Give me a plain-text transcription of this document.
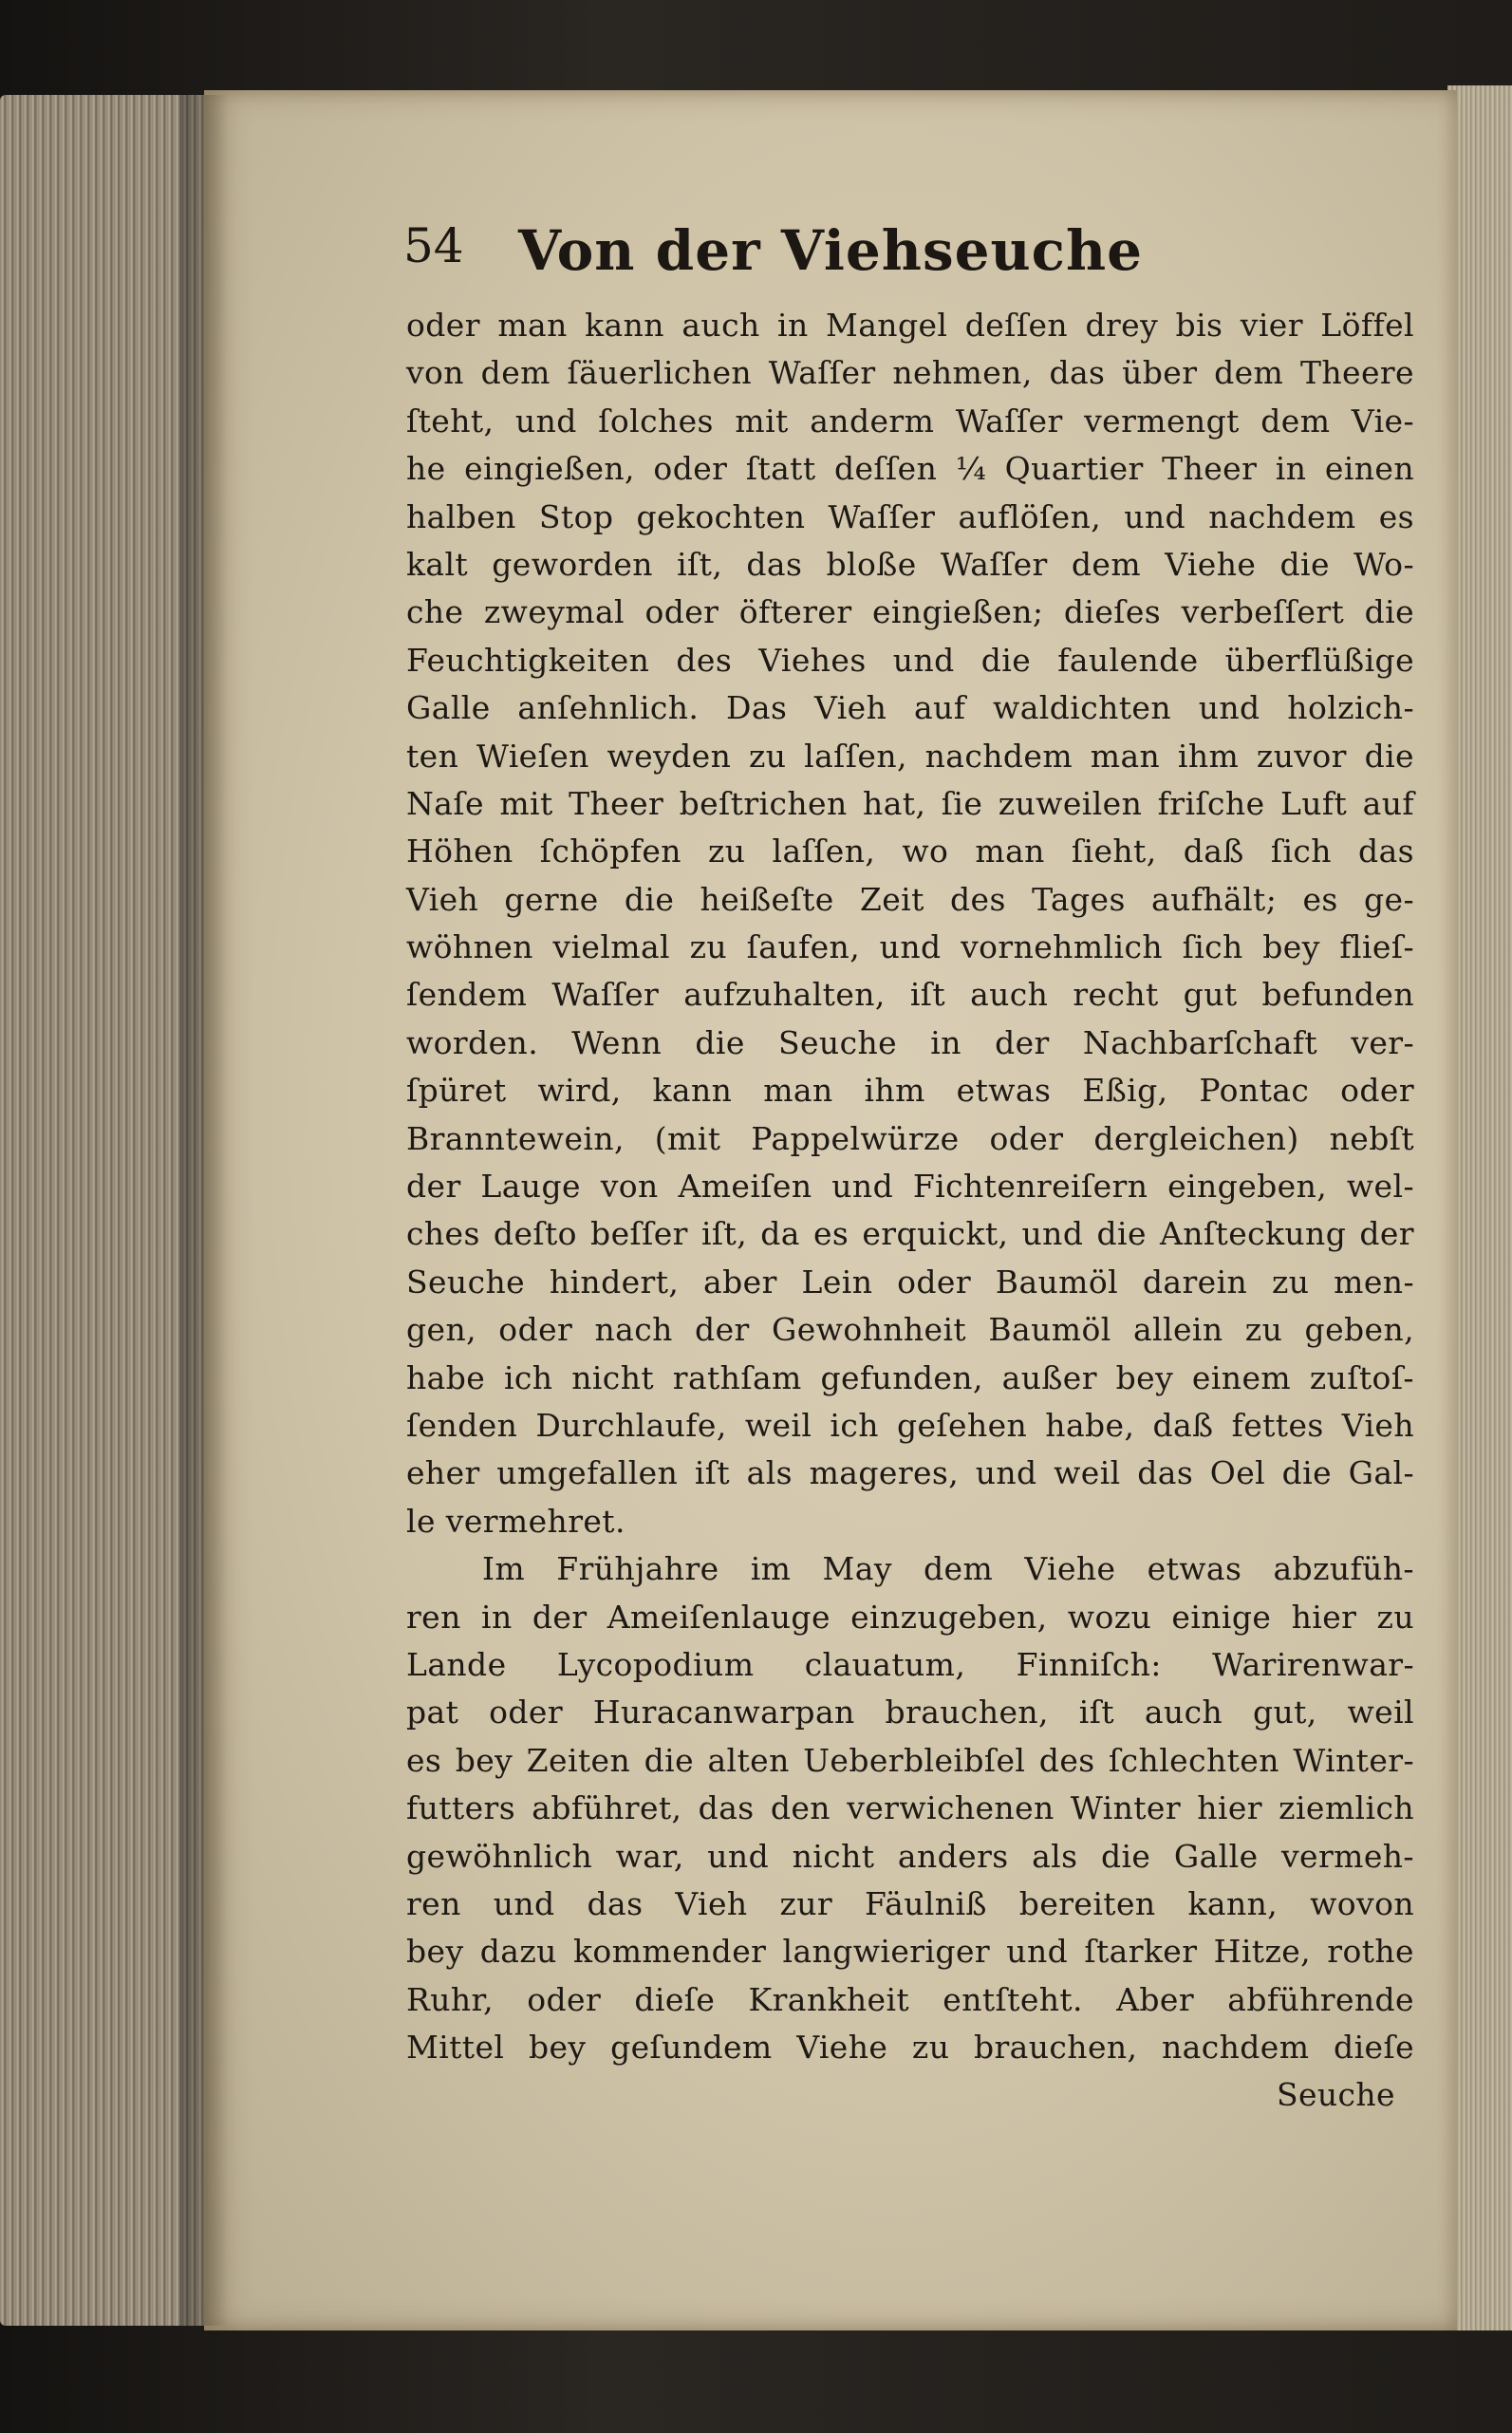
54 Von der Viehseuche
oder man kann auch in Mangel deſſen drey bis vier Löffel
von dem ſäuerlichen Waſſer nehmen, das über dem Theere
ſteht, und ſolches mit anderm Waſſer vermengt dem Vie-
he eingießen, oder ſtatt deſſen ¼ Quartier Theer in einen
halben Stop gekochten Waſſer auflöſen, und nachdem es
kalt geworden iſt, das bloße Waſſer dem Viehe die Wo-
che zweymal oder öfterer eingießen; dieſes verbeſſert die
Feuchtigkeiten des Viehes und die faulende überflüßige
Galle anſehnlich. Das Vieh auf waldichten und holzich-
ten Wieſen weyden zu laſſen, nachdem man ihm zuvor die
Naſe mit Theer beſtrichen hat, ſie zuweilen friſche Luft auf
Höhen ſchöpfen zu laſſen, wo man ſieht, daß ſich das
Vieh gerne die heißeſte Zeit des Tages aufhält; es ge-
wöhnen vielmal zu ſaufen, und vornehmlich ſich bey flieſ-
ſendem Waſſer aufzuhalten, iſt auch recht gut befunden
worden. Wenn die Seuche in der Nachbarſchaft ver-
ſpüret wird, kann man ihm etwas Eßig, Pontac oder
Branntewein, (mit Pappelwürze oder dergleichen) nebſt
der Lauge von Ameiſen und Fichtenreiſern eingeben, wel-
ches deſto beſſer iſt, da es erquickt, und die Anſteckung der
Seuche hindert, aber Lein oder Baumöl darein zu men-
gen, oder nach der Gewohnheit Baumöl allein zu geben,
habe ich nicht rathſam gefunden, außer bey einem zuſtoſ-
ſenden Durchlaufe, weil ich geſehen habe, daß fettes Vieh
eher umgefallen iſt als mageres, und weil das Oel die Gal-
le vermehret.
Im Frühjahre im May dem Viehe etwas abzufüh-
ren in der Ameiſenlauge einzugeben, wozu einige hier zu
Lande Lycopodium clauatum, Finniſch: Warirenwar-
pat oder Huracanwarpan brauchen, iſt auch gut, weil
es bey Zeiten die alten Ueberbleibſel des ſchlechten Winter-
futters abführet, das den verwichenen Winter hier ziemlich
gewöhnlich war, und nicht anders als die Galle vermeh-
ren und das Vieh zur Fäulniß bereiten kann, wovon
bey dazu kommender langwieriger und ſtarker Hitze, rothe
Ruhr, oder dieſe Krankheit entſteht. Aber abführende
Mittel bey geſundem Viehe zu brauchen, nachdem dieſe
Seuche
